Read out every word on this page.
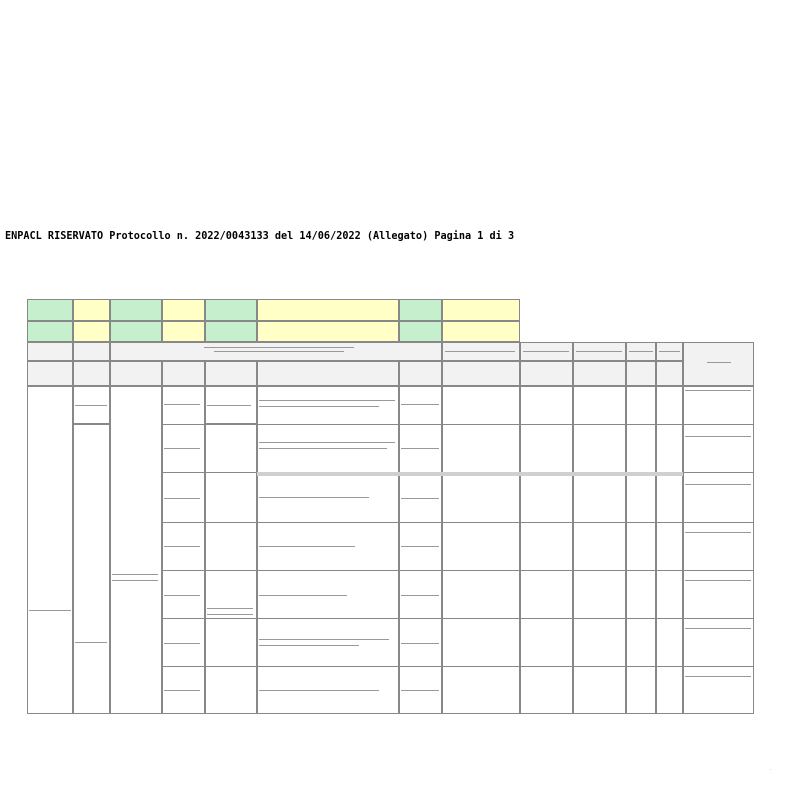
ENPACL RISERVATO Protocollo n. 2022/0043133 del 14/06/2022 (Allegato) Pagina 1 di 3
.
